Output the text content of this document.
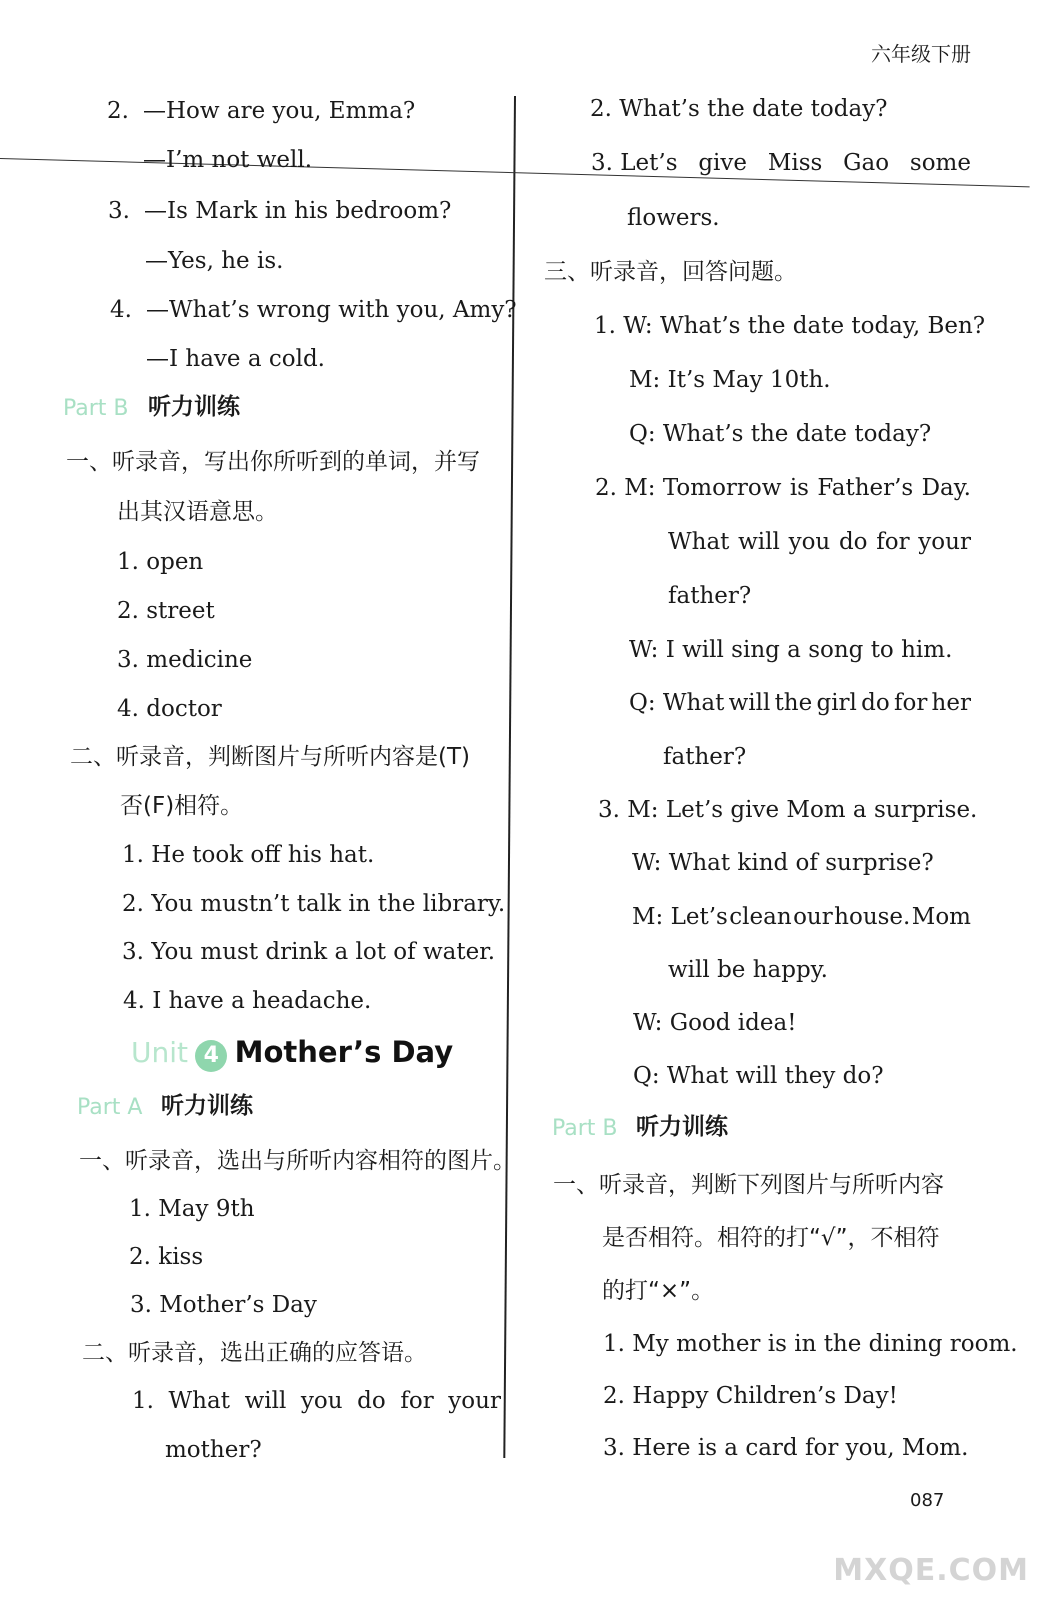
六年级下册
2. —How are you, Emma?
—I’m not well.
3. —Is Mark in his bedroom?
—Yes, he is.
4. —What’s wrong with you, Amy?
—I have a cold.
Part B 听力训练
一、听录音，写出你所听到的单词，并写
出其汉语意思。
1. open
2. street
3. medicine
4. doctor
二、听录音，判断图片与所听内容是(T)
否(F)相符。
1. He took off his hat.
2. You mustn’t talk in the library.
3. You must drink a lot of water.
4. I have a headache.
Unit 4 Mother’s Day
Part A 听力训练
一、听录音，选出与所听内容相符的图片。
1. May 9th
2. kiss
3. Mother’s Day
二、听录音，选出正确的应答语。
1. What will you do for your
mother?
2. What’s the date today?
3. Let’s give Miss Gao some
flowers.
三、听录音，回答问题。
1. W: What’s the date today, Ben?
M: It’s May 10th.
Q: What’s the date today?
2. M: Tomorrow is Father’s Day.
What will you do for your
father?
W: I will sing a song to him.
Q: What will the girl do for her
father?
3. M: Let’s give Mom a surprise.
W: What kind of surprise?
M: Let’s clean our house. Mom
will be happy.
W: Good idea!
Q: What will they do?
Part B 听力训练
一、听录音，判断下列图片与所听内容
是否相符。相符的打“√”，不相符
的打“×”。
1. My mother is in the dining room.
2. Happy Children’s Day!
3. Here is a card for you, Mom.
087
MXQE.COM
